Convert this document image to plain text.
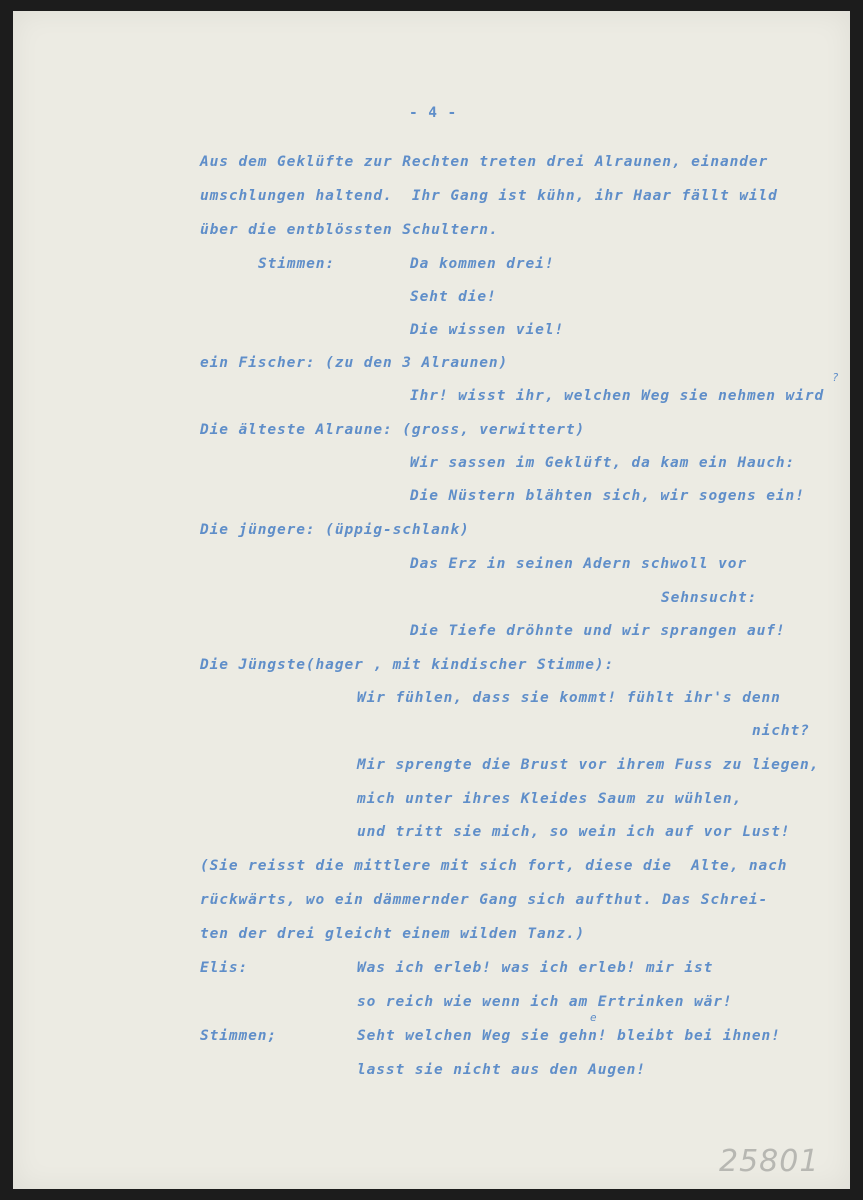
- 4 -
Aus dem Geklüfte zur Rechten treten drei Alraunen, einander
umschlungen haltend.  Ihr Gang ist kühn, ihr Haar fällt wild
über die entblössten Schultern.
Stimmen:	Da kommen drei!
Seht die!
Die wissen viel!
ein Fischer: (zu den 3 Alraunen)
Ihr! wisst ihr, welchen Weg sie nehmen wird
?
Die älteste Alraune: (gross, verwittert)
Wir sassen im Geklüft, da kam ein Hauch:
Die Nüstern blähten sich, wir sogens ein!
Die jüngere: (üppig-schlank)
Das Erz in seinen Adern schwoll vor
Sehnsucht:
Die Tiefe dröhnte und wir sprangen auf!
Die Jüngste(hager , mit kindischer Stimme):
Wir fühlen, dass sie kommt! fühlt ihr's denn
nicht?
Mir sprengte die Brust vor ihrem Fuss zu liegen,
mich unter ihres Kleides Saum zu wühlen,
und tritt sie mich, so wein ich auf vor Lust!
(Sie reisst die mittlere mit sich fort, diese die  Alte, nach
rückwärts, wo ein dämmernder Gang sich aufthut. Das Schrei-
ten der drei gleicht einem wilden Tanz.)
Elis:	Was ich erleb! was ich erleb! mir ist
so reich wie wenn ich am Ertrinken wär!
Stimmen;	Seht welchen Weg sie gehn! bleibt bei ihnen!
e
lasst sie nicht aus den Augen!
25801
